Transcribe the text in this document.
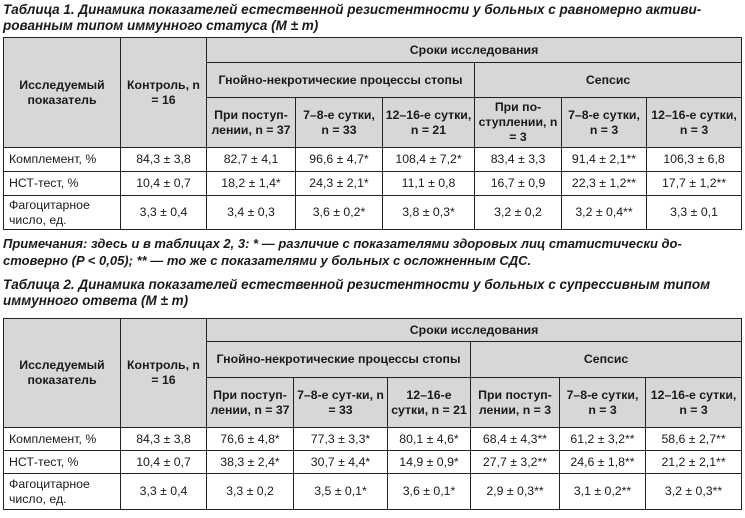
Таблица 1. Динамика показателей естественной резистентности у больных с равномерно активи-
рованным типом иммунного статуса (M ± m)
Исследуемый показатель	Контроль, n = 16	Сроки исследования					
		Гнойно-некротические процессы стопы			Сепсис		
		При поступ-лении, n = 37	7–8-е сутки, n = 33	12–16-е сутки, n = 21	При по-ступлении, n = 3	7–8-е сутки, n = 3	12–16-е сутки, n = 3
Комплемент, %	84,3 ± 3,8	82,7 ± 4,1	96,6 ± 4,7*	108,4 ± 7,2*	83,4 ± 3,3	91,4 ± 2,1**	106,3 ± 6,8
НСТ-тест, %	10,4 ± 0,7	18,2 ± 1,4*	24,3 ± 2,1*	11,1 ± 0,8	16,7 ± 0,9	22,3 ± 1,2**	17,7 ± 1,2**
Фагоцитарное число, ед.	3,3 ± 0,4	3,4 ± 0,3	3,6 ± 0,2*	3,8 ± 0,3*	3,2 ± 0,2	3,2 ± 0,4**	3,3 ± 0,1
Примечания: здесь и в таблицах 2, 3: * — различие с показателями здоровых лиц статистически до-
стоверно (P < 0,05); ** — то же с показателями у больных с осложненным СДС.
Таблица 2. Динамика показателей естественной резистентности у больных с супрессивным типом
иммунного ответа (M ± m)
Исследуемый показатель	Контроль, n = 16	Сроки исследования					
		Гнойно-некротические процессы стопы			Сепсис		
		При поступ-лении, n = 37	7–8-е сут-ки, n = 33	12–16-е сутки, n = 21	При поступ-лении, n = 3	7–8-е сутки, n = 3	12–16-е сутки, n = 3
Комплемент, %	84,3 ± 3,8	76,6 ± 4,8*	77,3 ± 3,3*	80,1 ± 4,6*	68,4 ± 4,3**	61,2 ± 3,2**	58,6 ± 2,7**
НСТ-тест, %	10,4 ± 0,7	38,3 ± 2,4*	30,7 ± 4,4*	14,9 ± 0,9*	27,7 ± 3,2**	24,6 ± 1,8**	21,2 ± 2,1**
Фагоцитарное число, ед.	3,3 ± 0,4	3,3 ± 0,2	3,5 ± 0,1*	3,6 ± 0,1*	2,9 ± 0,3**	3,1 ± 0,2**	3,2 ± 0,3**
